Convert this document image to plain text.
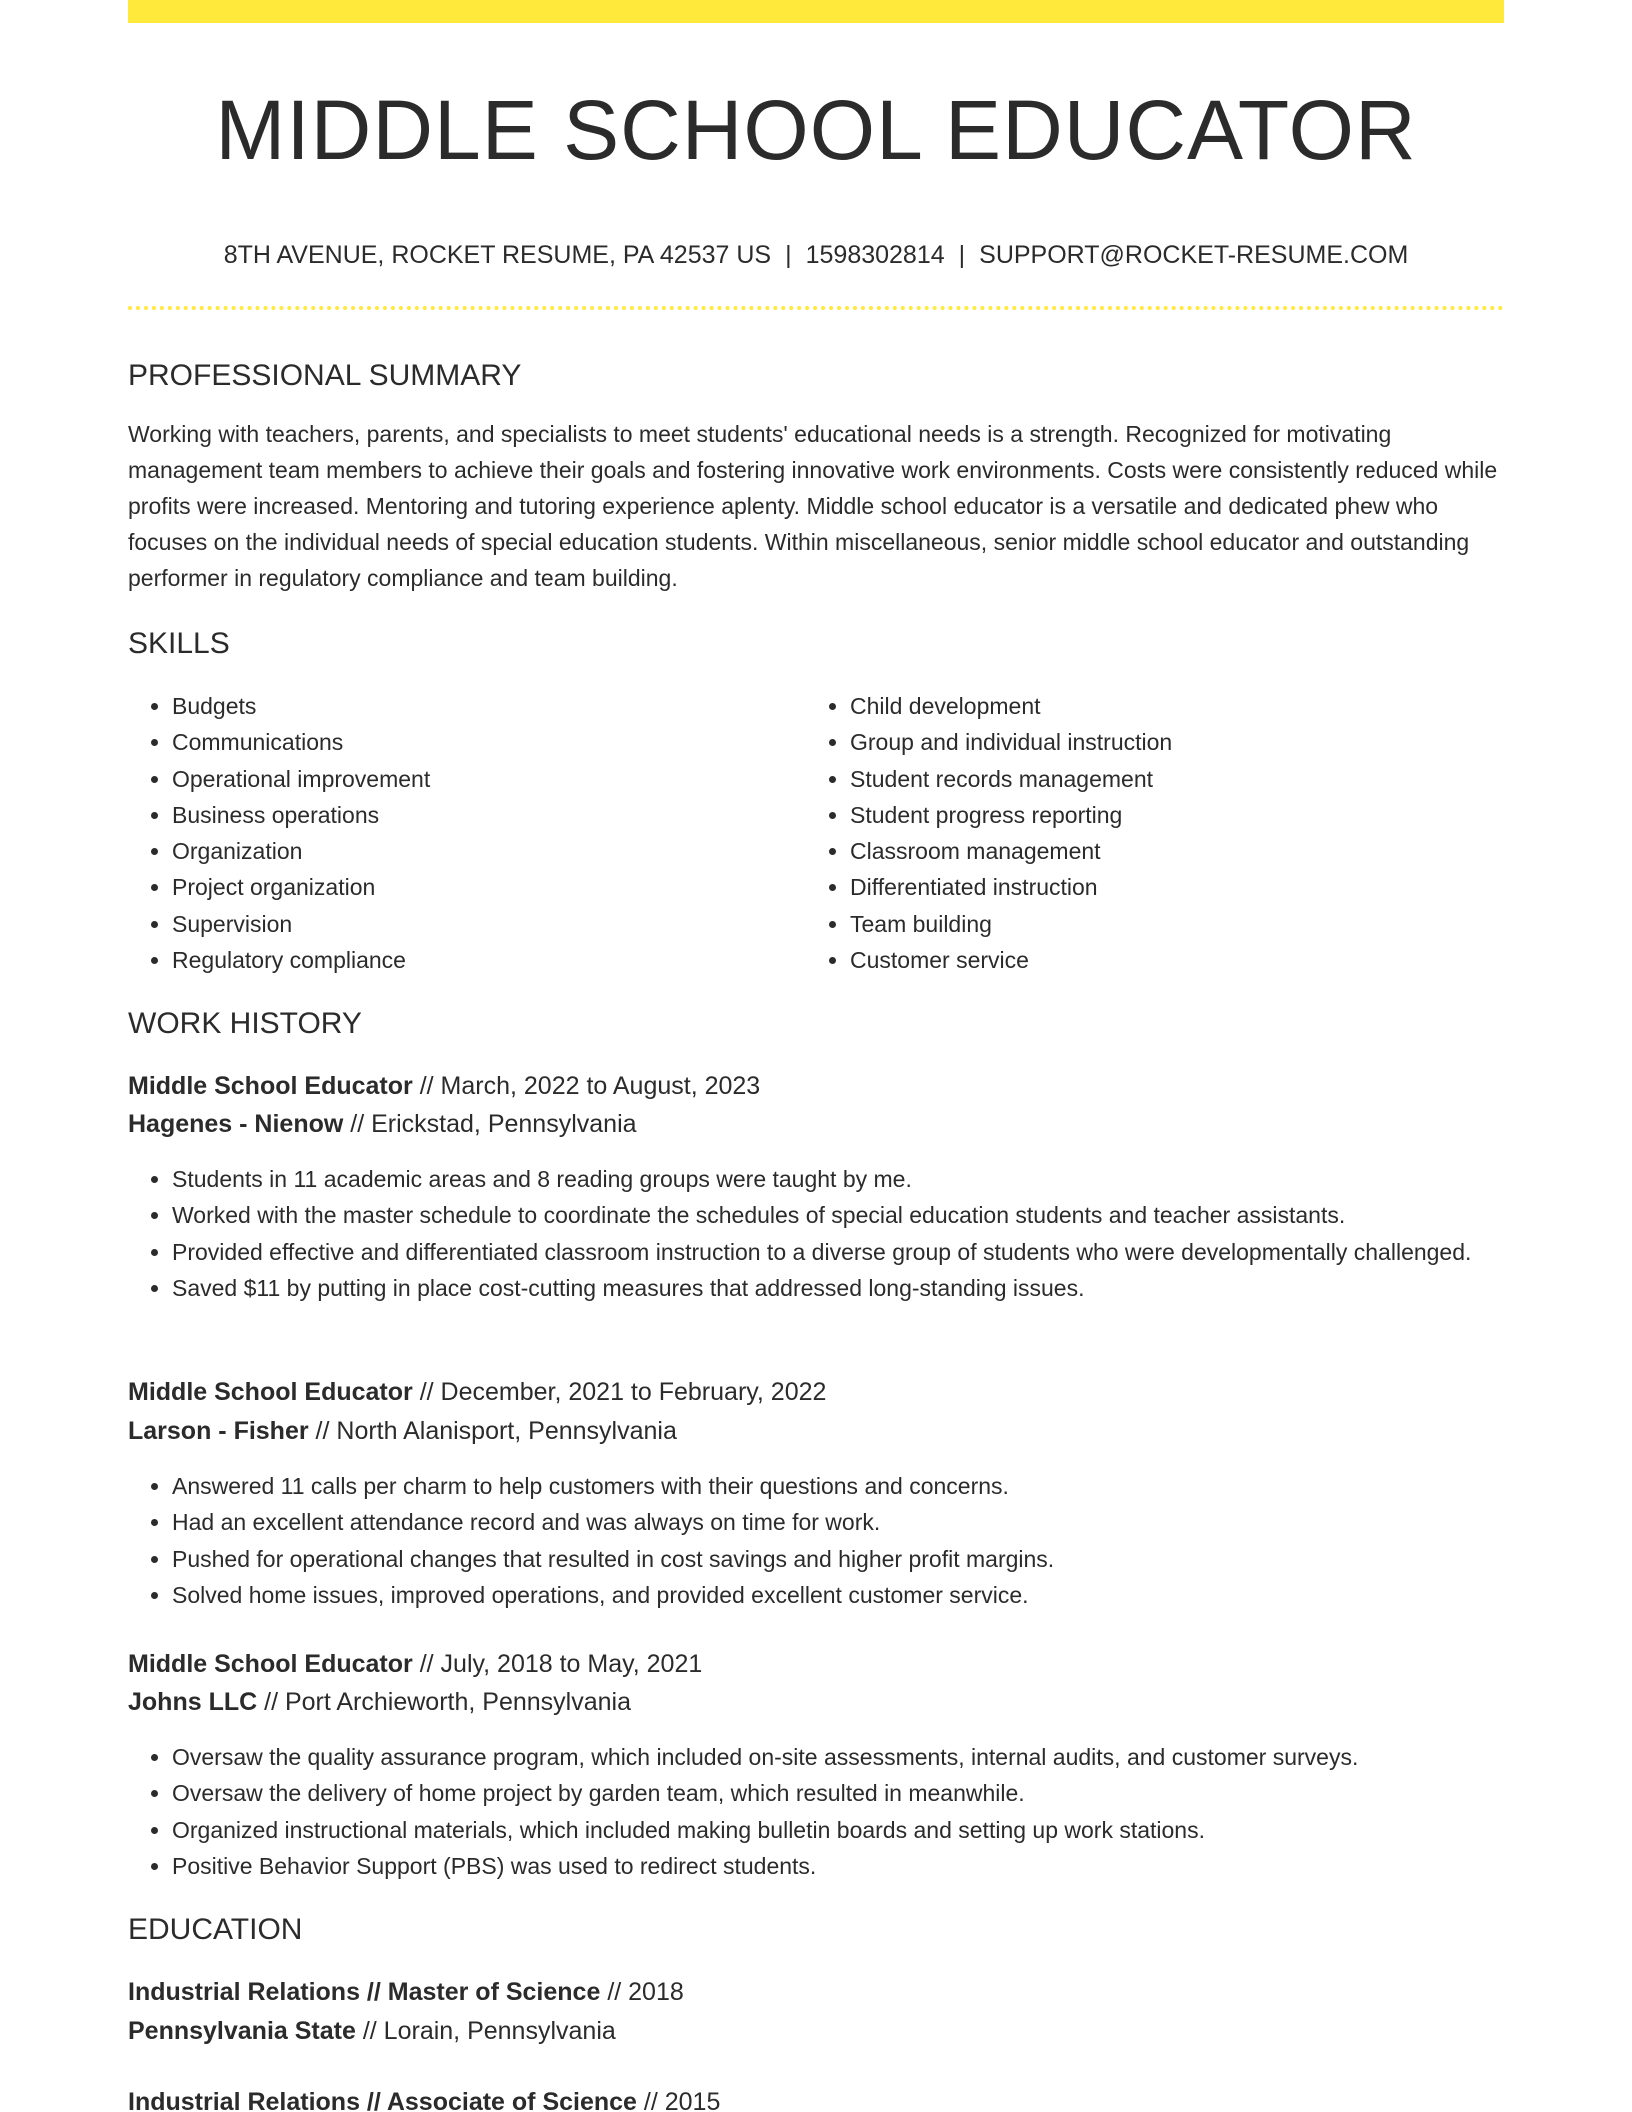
MIDDLE SCHOOL EDUCATOR
8TH AVENUE, ROCKET RESUME, PA 42537 US | 1598302814 | SUPPORT@ROCKET-RESUME.COM
PROFESSIONAL SUMMARY
Working with teachers, parents, and specialists to meet students' educational needs is a strength. Recognized for motivating management team members to achieve their goals and fostering innovative work environments. Costs were consistently reduced while profits were increased. Mentoring and tutoring experience aplenty. Middle school educator is a versatile and dedicated phew who focuses on the individual needs of special education students. Within miscellaneous, senior middle school educator and outstanding performer in regulatory compliance and team building.
SKILLS
• Budgets
• Communications
• Operational improvement
• Business operations
• Organization
• Project organization
• Supervision
• Regulatory compliance
• Child development
• Group and individual instruction
• Student records management
• Student progress reporting
• Classroom management
• Differentiated instruction
• Team building
• Customer service
WORK HISTORY
Middle School Educator // March, 2022 to August, 2023
Hagenes - Nienow // Erickstad, Pennsylvania
• Students in 11 academic areas and 8 reading groups were taught by me.
• Worked with the master schedule to coordinate the schedules of special education students and teacher assistants.
• Provided effective and differentiated classroom instruction to a diverse group of students who were developmentally challenged.
• Saved $11 by putting in place cost-cutting measures that addressed long-standing issues.
Middle School Educator // December, 2021 to February, 2022
Larson - Fisher // North Alanisport, Pennsylvania
• Answered 11 calls per charm to help customers with their questions and concerns.
• Had an excellent attendance record and was always on time for work.
• Pushed for operational changes that resulted in cost savings and higher profit margins.
• Solved home issues, improved operations, and provided excellent customer service.
Middle School Educator // July, 2018 to May, 2021
Johns LLC // Port Archieworth, Pennsylvania
• Oversaw the quality assurance program, which included on-site assessments, internal audits, and customer surveys.
• Oversaw the delivery of home project by garden team, which resulted in meanwhile.
• Organized instructional materials, which included making bulletin boards and setting up work stations.
• Positive Behavior Support (PBS) was used to redirect students.
EDUCATION
Industrial Relations // Master of Science // 2018
Pennsylvania State // Lorain, Pennsylvania
Industrial Relations // Associate of Science // 2015
